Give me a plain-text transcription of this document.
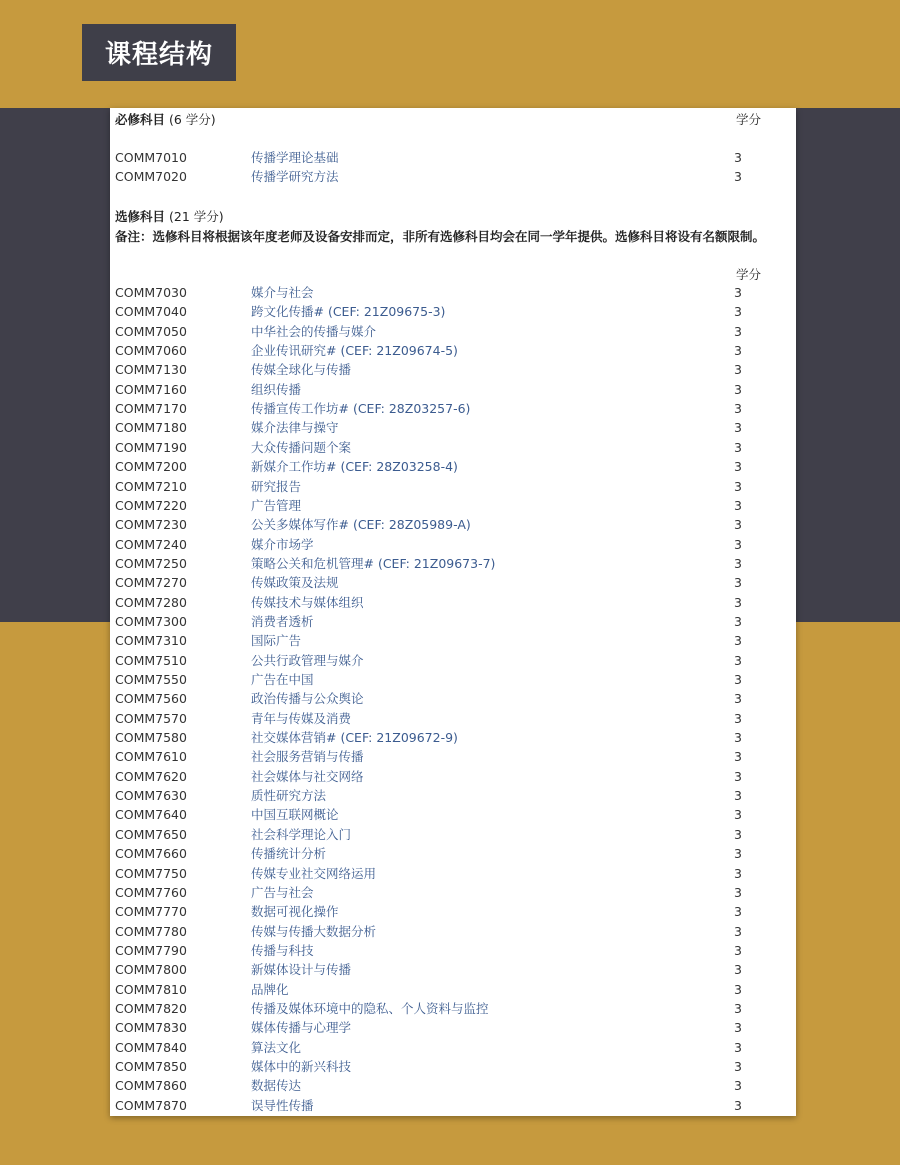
课程结构
必修科目 (6 学分)	学分
COMM7010	传播学理论基础	3
COMM7020	传播学研究方法	3
选修科目 (21 学分)
备注：选修科目将根据该年度老师及设备安排而定，非所有选修科目均会在同一学年提供。选修科目将设有名额限制。
学分
COMM7030	媒介与社会	3
COMM7040	跨文化传播# (CEF: 21Z09675-3)	3
COMM7050	中华社会的传播与媒介	3
COMM7060	企业传讯研究# (CEF: 21Z09674-5)	3
COMM7130	传媒全球化与传播	3
COMM7160	组织传播	3
COMM7170	传播宣传工作坊# (CEF: 28Z03257-6)	3
COMM7180	媒介法律与操守	3
COMM7190	大众传播问题个案	3
COMM7200	新媒介工作坊# (CEF: 28Z03258-4)	3
COMM7210	研究报告	3
COMM7220	广告管理	3
COMM7230	公关多媒体写作# (CEF: 28Z05989-A)	3
COMM7240	媒介市场学	3
COMM7250	策略公关和危机管理# (CEF: 21Z09673-7)	3
COMM7270	传媒政策及法规	3
COMM7280	传媒技术与媒体组织	3
COMM7300	消费者透析	3
COMM7310	国际广告	3
COMM7510	公共行政管理与媒介	3
COMM7550	广告在中国	3
COMM7560	政治传播与公众舆论	3
COMM7570	青年与传媒及消费	3
COMM7580	社交媒体营销# (CEF: 21Z09672-9)	3
COMM7610	社会服务营销与传播	3
COMM7620	社会媒体与社交网络	3
COMM7630	质性研究方法	3
COMM7640	中国互联网概论	3
COMM7650	社会科学理论入门	3
COMM7660	传播统计分析	3
COMM7750	传媒专业社交网络运用	3
COMM7760	广告与社会	3
COMM7770	数据可视化操作	3
COMM7780	传媒与传播大数据分析	3
COMM7790	传播与科技	3
COMM7800	新媒体设计与传播	3
COMM7810	品牌化	3
COMM7820	传播及媒体环境中的隐私、个人资料与监控	3
COMM7830	媒体传播与心理学	3
COMM7840	算法文化	3
COMM7850	媒体中的新兴科技	3
COMM7860	数据传达	3
COMM7870	误导性传播	3
